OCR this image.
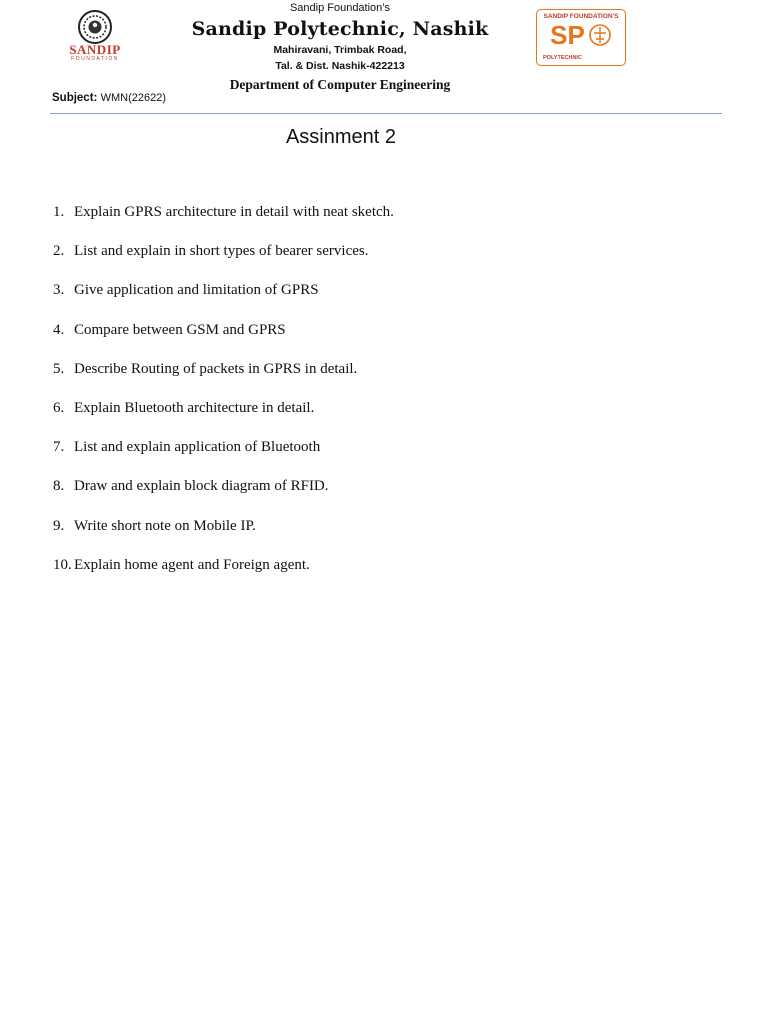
SANDIP
FOUNDATION
Sandip Foundation’s
Sandip Polytechnic, Nashik
Mahiravani, Trimbak Road,
Tal. & Dist. Nashik-422213
Department of Computer Engineering
SANDIP FOUNDATION'S
SP
POLYTECHNIC
Subject: WMN(22622)
Assinment 2
1. Explain GPRS architecture in detail with neat sketch.
2. List and explain in short types of bearer services.
3. Give application and limitation of GPRS
4. Compare between GSM and GPRS
5. Describe Routing of packets in GPRS in detail.
6. Explain Bluetooth architecture in detail.
7. List and explain application of Bluetooth
8. Draw and explain block diagram of RFID.
9. Write short note on Mobile IP.
10. Explain home agent and Foreign agent.
